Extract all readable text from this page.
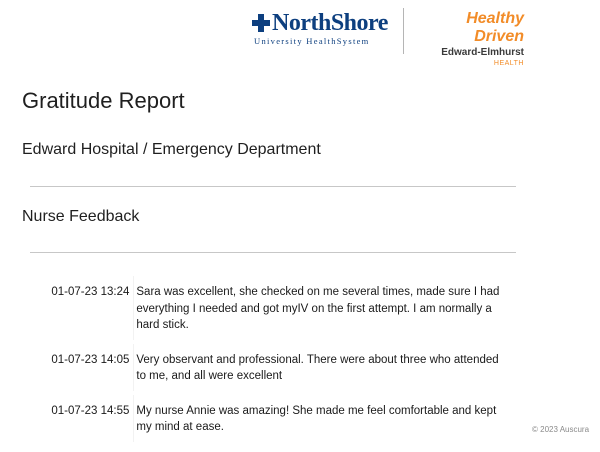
NorthShore
University HealthSystem
Healthy Driven
Edward-Elmhurst
HEALTH
Gratitude Report
Edward Hospital / Emergency Department
Nurse Feedback
01-07-23 13:24 Sara was excellent, she checked on me several times, made sure I had everything I needed and got myIV on the first attempt. I am normally a hard stick.
01-07-23 14:05 Very observant and professional. There were about three who attended to me, and all were excellent
01-07-23 14:55 My nurse Annie was amazing! She made me feel comfortable and kept my mind at ease.	© 2023 Auscura
